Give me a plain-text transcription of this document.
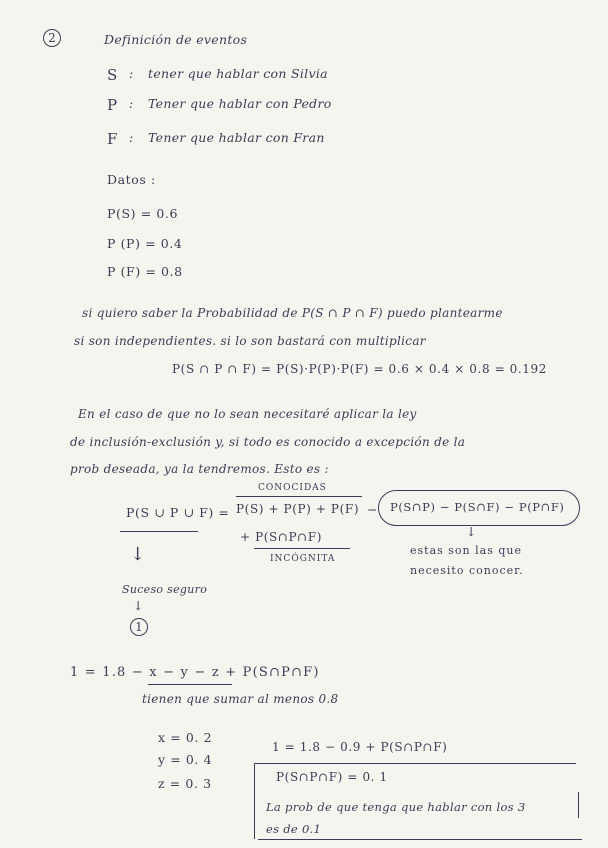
2	Definición de eventos
S : tener que hablar con Silvia
P : Tener que hablar con Pedro
F : Tener que hablar con Fran
Datos :
P(S) = 0.6
P (P) = 0.4
P (F) = 0.8
si quiero saber la Probabilidad de P(S ∩ P ∩ F) puedo plantearme
si son independientes. si lo son bastará con multiplicar
P(S ∩ P ∩ F) = P(S)·P(P)·P(F) = 0.6 × 0.4 × 0.8 = 0.192
En el caso de que no lo sean necesitaré aplicar la ley
de inclusión-exclusión y, si todo es conocido a excepción de la
prob deseada, ya la tendremos. Esto es :
CONOCIDAS
P(S ∪ P ∪ F) = P(S) + P(P) + P(F) − P(S∩P) − P(S∩F) − P(P∩F)
+ P(S∩P∩F)
INCÓGNITA
↓
estas son las que
necesito conocer.
↓
Suceso seguro
↓
1
1 = 1.8 − x − y − z + P(S∩P∩F)
tienen que sumar al menos 0.8
x = 0. 2
y = 0. 4
z = 0. 3
1 = 1.8 − 0.9 + P(S∩P∩F)
P(S∩P∩F) = 0. 1
La prob de que tenga que hablar con los 3
es de 0.1
